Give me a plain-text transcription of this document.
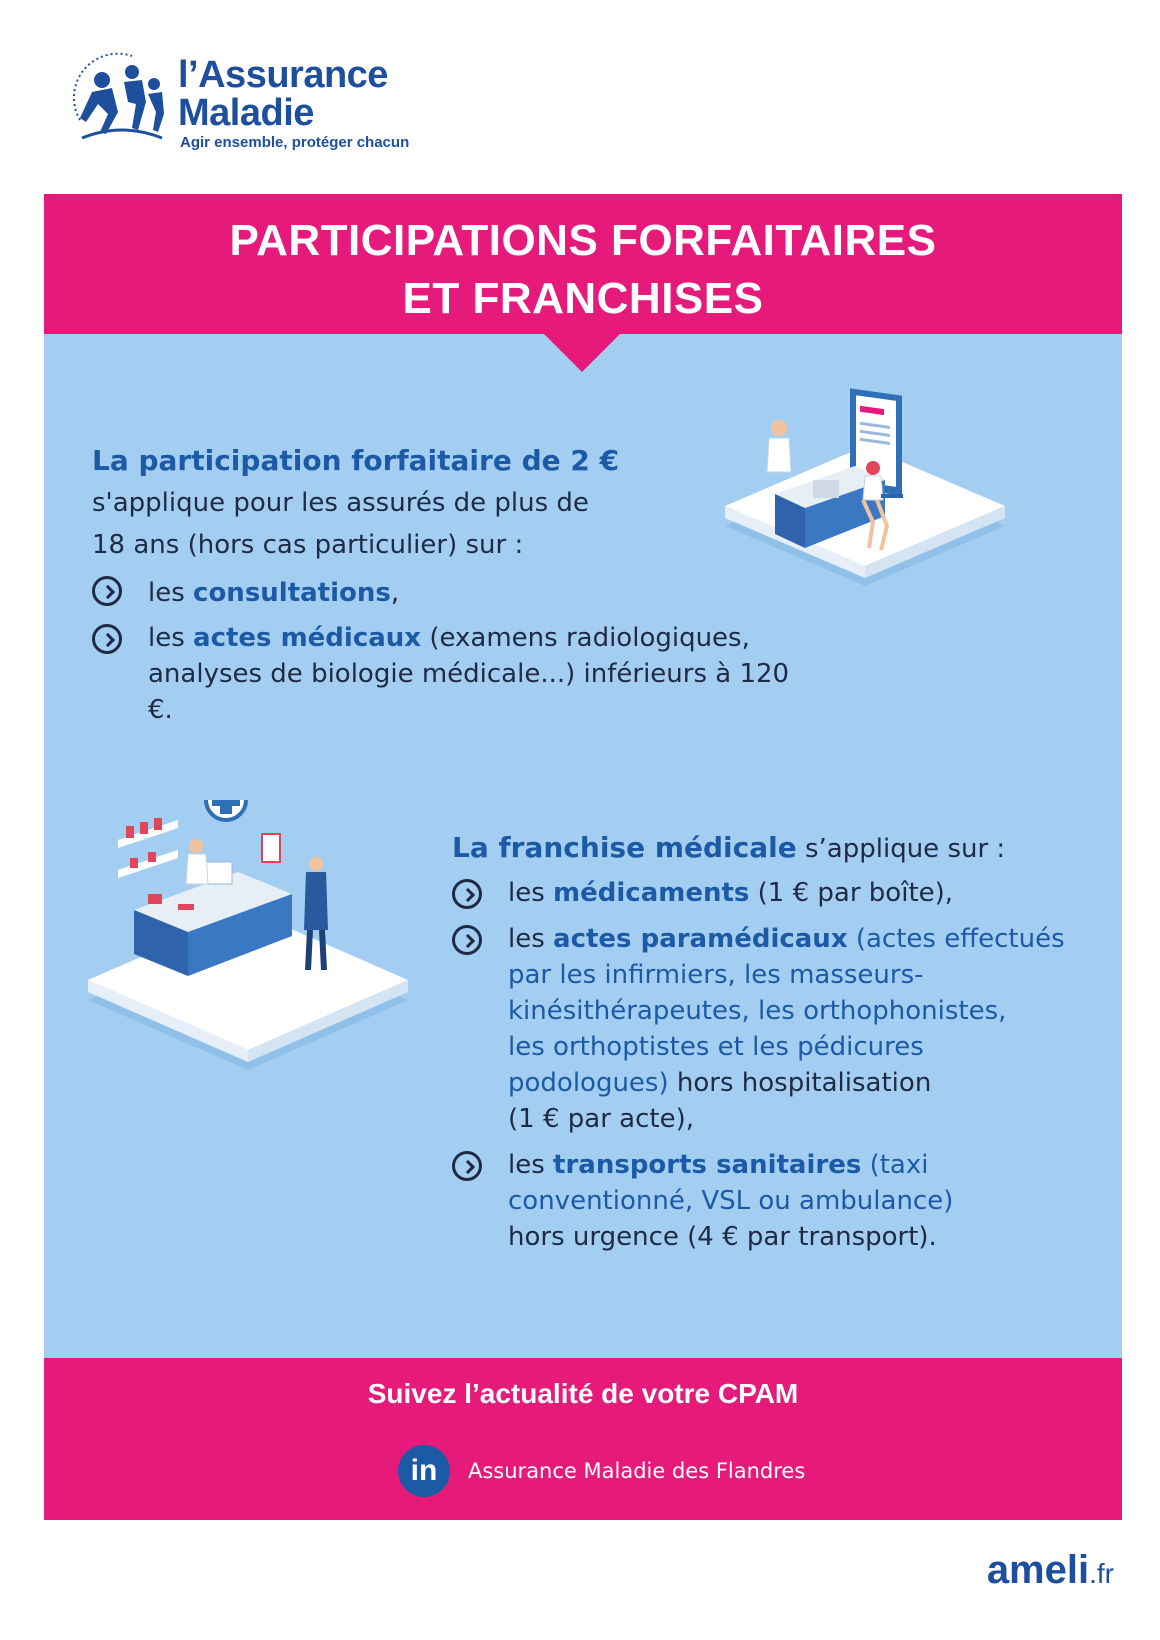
l’Assurance
Maladie
Agir ensemble, protéger chacun
PARTICIPATIONS FORFAITAIRES
ET FRANCHISES
La participation forfaitaire de 2 €
s'applique pour les assurés de plus de
18 ans (hors cas particulier) sur :
les consultations,
les actes médicaux (examens radiologiques,
analyses de biologie médicale...) inférieurs à 120 €.
La franchise médicale s’applique sur :
les médicaments (1 € par boîte),
les actes paramédicaux (actes effectués
par les infirmiers, les masseurs-
kinésithérapeutes, les orthophonistes,
les orthoptistes et les pédicures
podologues) hors hospitalisation
(1 € par acte),
les transports sanitaires (taxi
conventionné, VSL ou ambulance)
hors urgence (4 € par transport).
Suivez l’actualité de votre CPAM
in	Assurance Maladie des Flandres
ameli.fr
